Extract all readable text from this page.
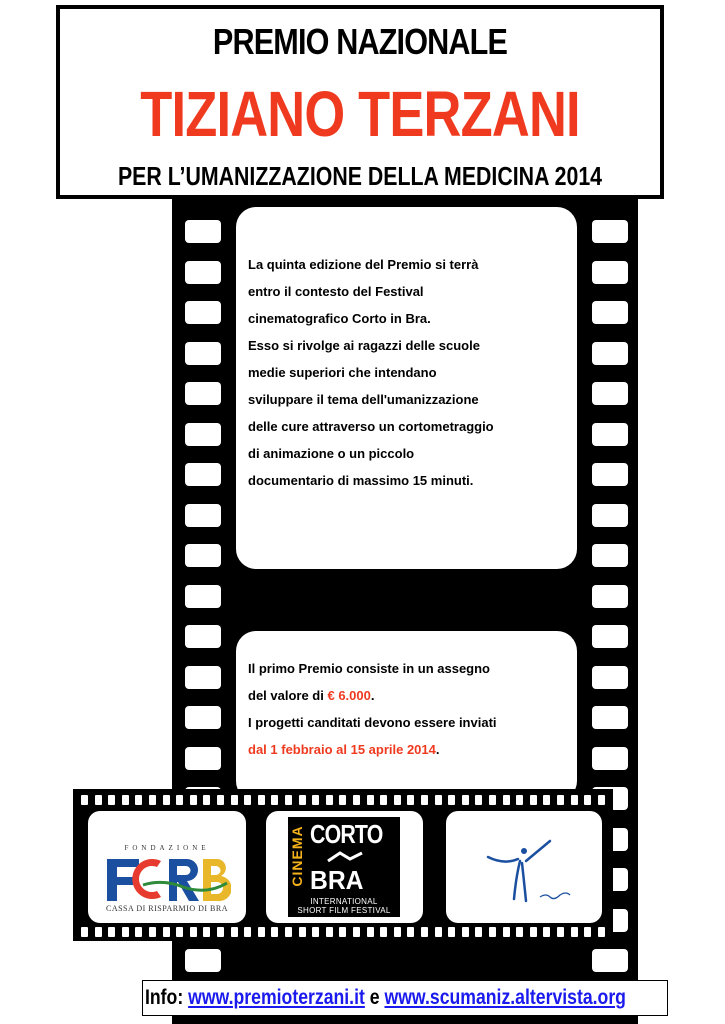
PREMIO NAZIONALE
TIZIANO TERZANI
PER L’UMANIZZAZIONE DELLA MEDICINA 2014
La quinta edizione del Premio si terrà
entro il contesto del Festival
cinematografico Corto in Bra.
Esso si rivolge ai ragazzi delle scuole
medie superiori che intendano
sviluppare il tema dell'umanizzazione
delle cure attraverso un cortometraggio
di animazione o un piccolo
documentario di massimo 15 minuti.
Il primo Premio consiste in un assegno
del valore di € 6.000.
I progetti canditati devono essere inviati
dal 1 febbraio al 15 aprile 2014.
FONDAZIONE
CASSA DI RISPARMIO DI BRA
CINEMA CORTO
BRA
INTERNATIONAL
SHORT FILM FESTIVAL
Info: www.premioterzani.it e www.scumaniz.altervista.org
